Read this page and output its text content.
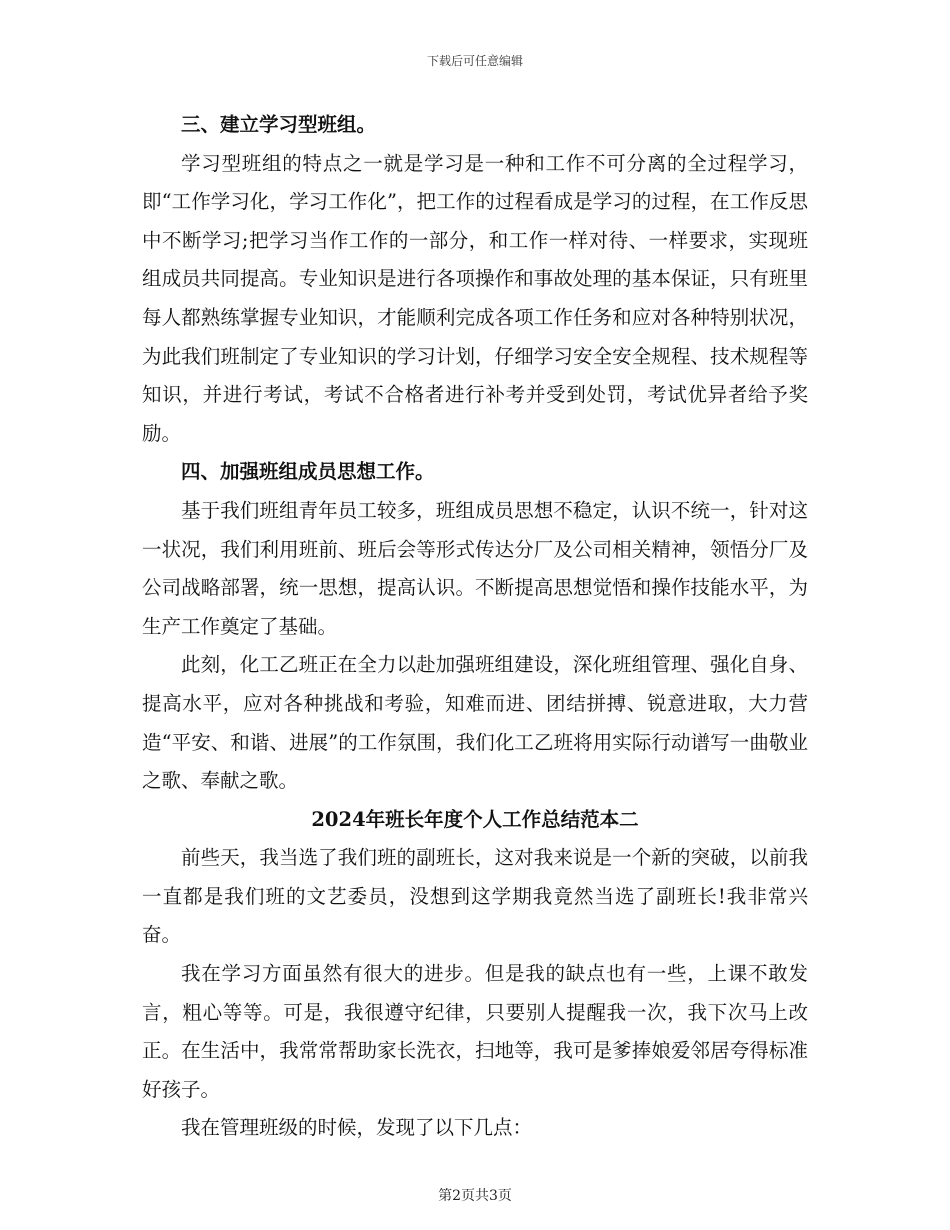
下载后可任意编辑

三、建立学习型班组。

学习型班组的特点之一就是学习是一种和工作不可分离的全过程学习，即“工作学习化，学习工作化”，把工作的过程看成是学习的过程，在工作反思中不断学习;把学习当作工作的一部分，和工作一样对待、一样要求，实现班组成员共同提高。专业知识是进行各项操作和事故处理的基本保证，只有班里每人都熟练掌握专业知识，才能顺利完成各项工作任务和应对各种特别状况，为此我们班制定了专业知识的学习计划，仔细学习安全安全规程、技术规程等知识，并进行考试，考试不合格者进行补考并受到处罚，考试优异者给予奖励。

四、加强班组成员思想工作。

基于我们班组青年员工较多，班组成员思想不稳定，认识不统一，针对这一状况，我们利用班前、班后会等形式传达分厂及公司相关精神，领悟分厂及公司战略部署，统一思想，提高认识。不断提高思想觉悟和操作技能水平，为生产工作奠定了基础。

此刻，化工乙班正在全力以赴加强班组建设，深化班组管理、强化自身、提高水平，应对各种挑战和考验，知难而进、团结拼搏、锐意进取，大力营造“平安、和谐、进展”的工作氛围，我们化工乙班将用实际行动谱写一曲敬业之歌、奉献之歌。

2024年班长年度个人工作总结范本二

前些天，我当选了我们班的副班长，这对我来说是一个新的突破，以前我一直都是我们班的文艺委员，没想到这学期我竟然当选了副班长!我非常兴奋。

我在学习方面虽然有很大的进步。但是我的缺点也有一些，上课不敢发言，粗心等等。可是，我很遵守纪律，只要别人提醒我一次，我下次马上改正。在生活中，我常常帮助家长洗衣，扫地等，我可是爹捧娘爱邻居夸得标准好孩子。

我在管理班级的时候，发现了以下几点：

第2页共3页
